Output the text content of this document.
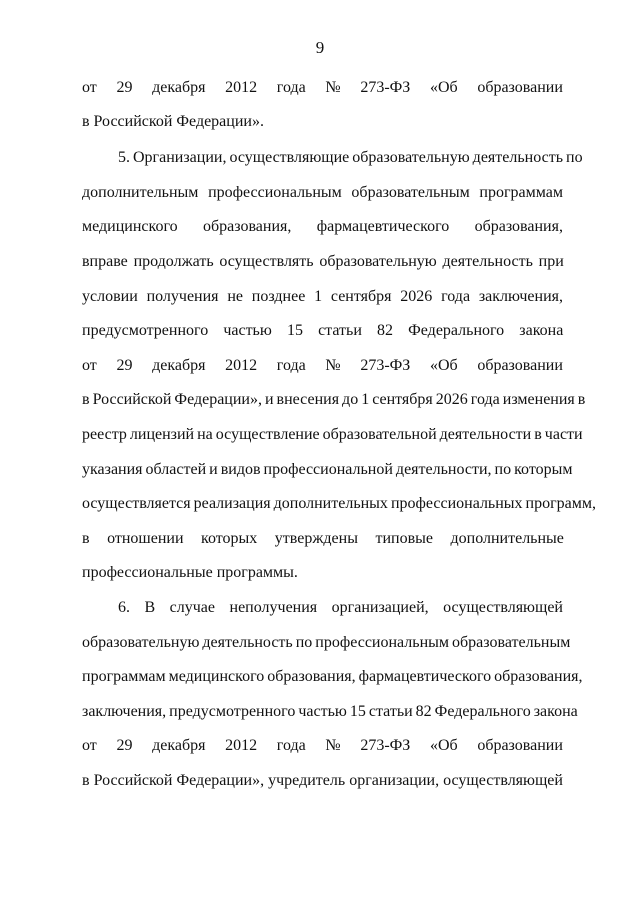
9
от 29 декабря 2012 года № 273-ФЗ «Об образовании
в Российской Федерации».
5. Организации, осуществляющие образовательную деятельность по
дополнительным профессиональным образовательным программам
медицинского образования, фармацевтического образования,
вправе продолжать осуществлять образовательную деятельность при
условии получения не позднее 1 сентября 2026 года заключения,
предусмотренного частью 15 статьи 82 Федерального закона
от 29 декабря 2012 года № 273-ФЗ «Об образовании
в Российской Федерации», и внесения до 1 сентября 2026 года изменения в
реестр лицензий на осуществление образовательной деятельности в части
указания областей и видов профессиональной деятельности, по которым
осуществляется реализация дополнительных профессиональных программ,
в отношении которых утверждены типовые дополнительные
профессиональные программы.
6. В случае неполучения организацией, осуществляющей
образовательную деятельность по профессиональным образовательным
программам медицинского образования, фармацевтического образования,
заключения, предусмотренного частью 15 статьи 82 Федерального закона
от 29 декабря 2012 года № 273-ФЗ «Об образовании
в Российской Федерации», учредитель организации, осуществляющей
